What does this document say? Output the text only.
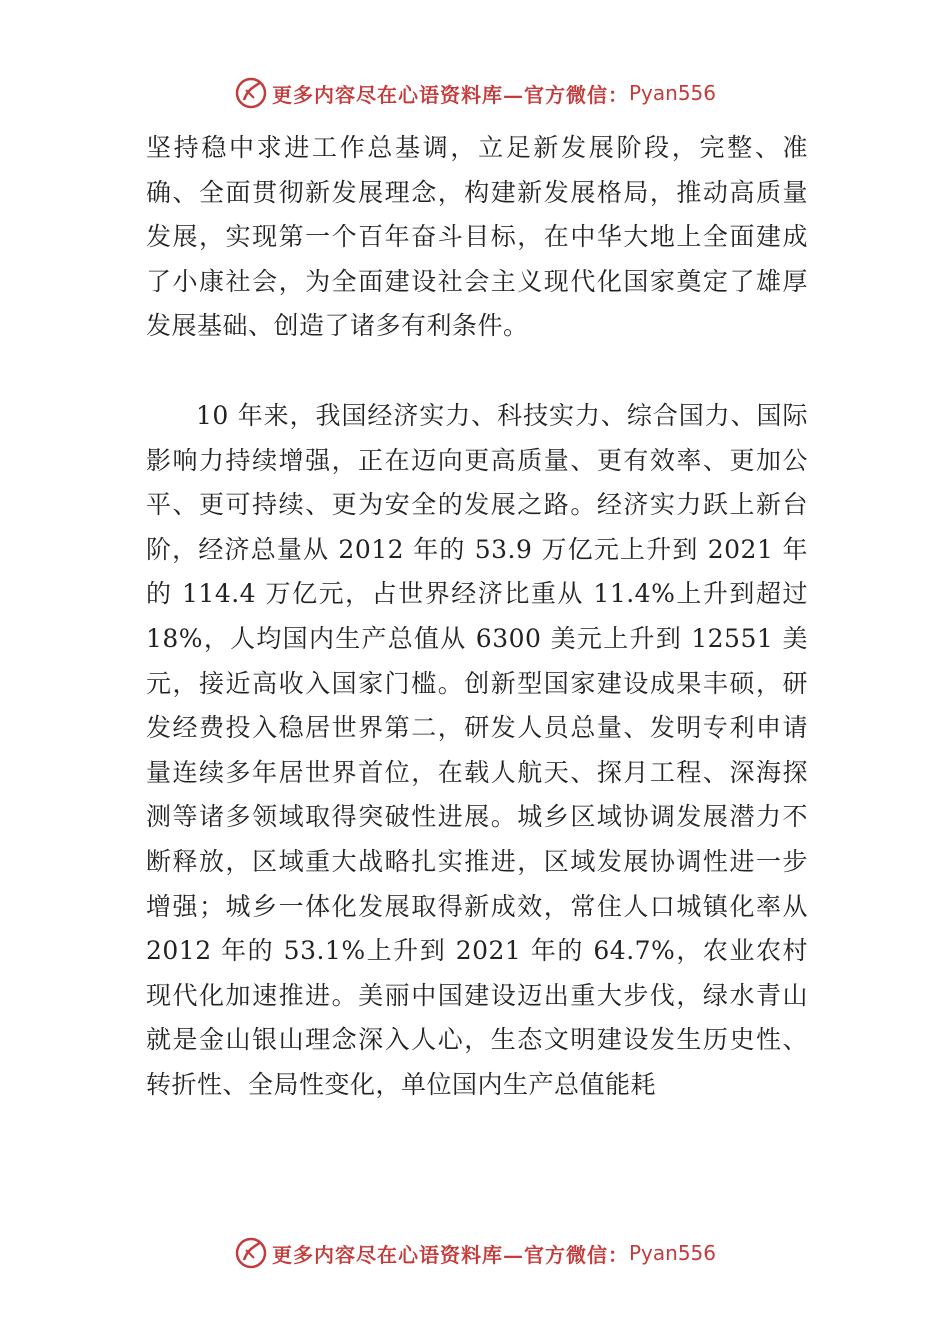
更多内容尽在心语资料库—官方微信： Pyan556

坚持稳中求进工作总基调，立足新发展阶段，完整、准确、全面贯彻新发展理念，构建新发展格局，推动高质量发展，实现第一个百年奋斗目标，在中华大地上全面建成了小康社会，为全面建设社会主义现代化国家奠定了雄厚发展基础、创造了诸多有利条件。

10 年来，我国经济实力、科技实力、综合国力、国际影响力持续增强，正在迈向更高质量、更有效率、更加公平、更可持续、更为安全的发展之路。经济实力跃上新台阶，经济总量从 2012 年的 53.9 万亿元上升到 2021 年的 114.4 万亿元，占世界经济比重从 11.4%上升到超过 18%，人均国内生产总值从 6300 美元上升到 12551 美元，接近高收入国家门槛。创新型国家建设成果丰硕，研发经费投入稳居世界第二，研发人员总量、发明专利申请量连续多年居世界首位，在载人航天、探月工程、深海探测等诸多领域取得突破性进展。城乡区域协调发展潜力不断释放，区域重大战略扎实推进，区域发展协调性进一步增强；城乡一体化发展取得新成效，常住人口城镇化率从 2012 年的 53.1%上升到 2021 年的 64.7%，农业农村现代化加速推进。美丽中国建设迈出重大步伐，绿水青山就是金山银山理念深入人心，生态文明建设发生历史性、转折性、全局性变化，单位国内生产总值能耗

更多内容尽在心语资料库—官方微信： Pyan556
